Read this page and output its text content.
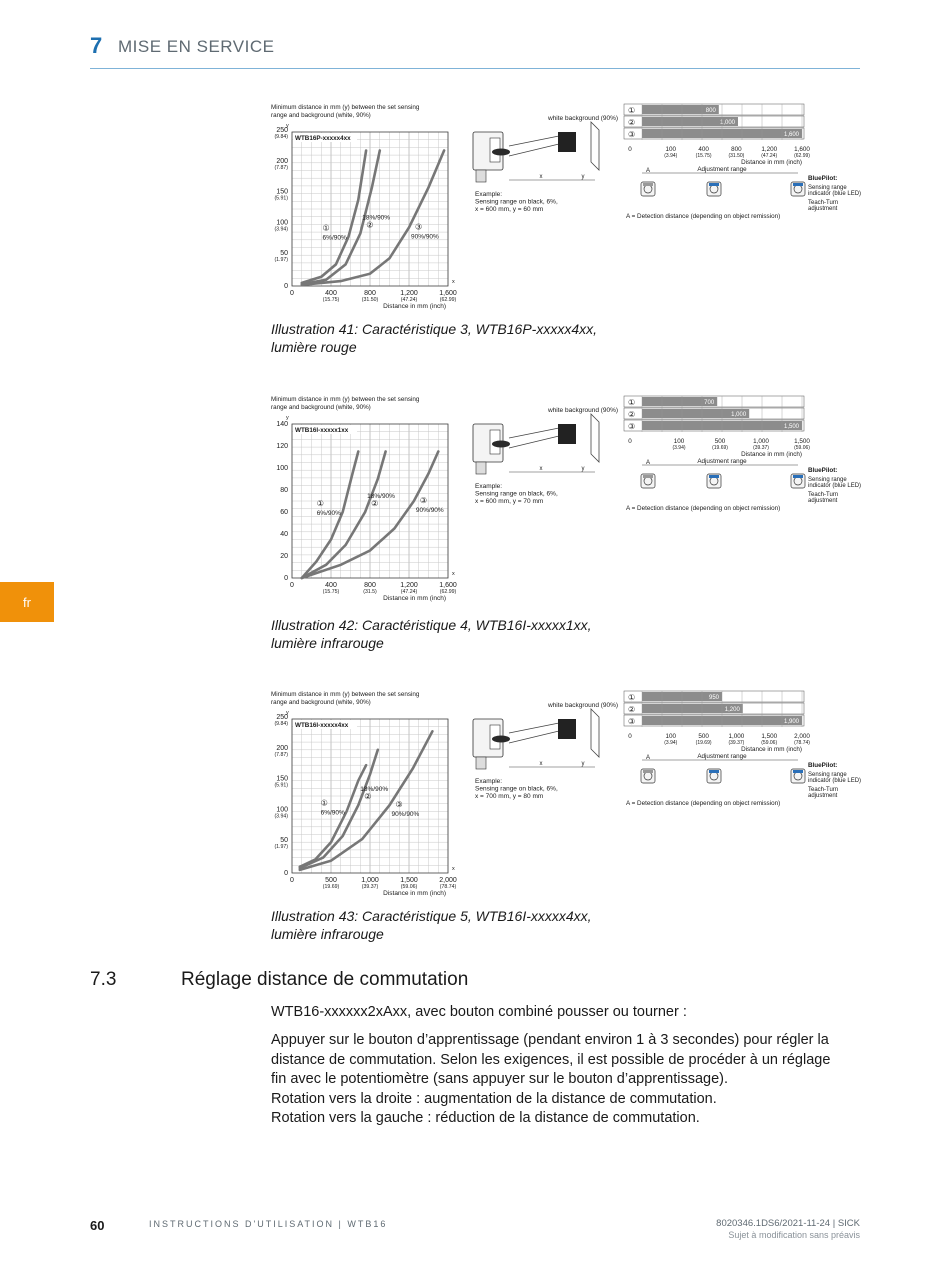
7 MISE EN SERVICE
fr
Minimum distance in mm (y) between the set sensing
range and background (white, 90%)
y
x
WTB16P-xxxxx4xx
0
50
(1.97)
100
(3.94)
150
(5.91)
200
(7.87)
250
(9.84)
0	400
(15.75)
800
(31.50)
1,200
(47.24)
1,600
(62.99)
Distance in mm (inch)
①
6%/90%
②
18%/90%
③
90%/90%
white background (90%)
x	y
Example:
Sensing range on black, 6%,
x = 600 mm, y = 60 mm
①	800
②	1,000
③	1,600
0	100
(3.94)
400
(15.75)
800
(31.50)
1,200
(47.24)
1,600
(62.99)
Distance in mm (inch)
A	Adjustment range
BluePilot:
Sensing range
indicator (blue LED)
Teach-Turn
adjustment
A = Detection distance (depending on object remission)
Illustration 41: Caractéristique 3, WTB16P-xxxxx4xx,
lumière rouge
Minimum distance in mm (y) between the set sensing
range and background (white, 90%)
y
x
WTB16I-xxxxx1xx
0
20
40
60
80
100
120
140
0	400
(15.75)
800
(31.5)
1,200
(47.24)
1,600
(62.99)
Distance in mm (inch)
①
6%/90%
②
18%/90%	③
90%/90%
white background (90%)
x	y
Example:
Sensing range on black, 6%,
x = 600 mm, y = 70 mm
①	700
②	1,000
③	1,500
0	100
(3.94)
500
(19.69)
1,000
(39.37)
1,500
(59.06)
Distance in mm (inch)
A	Adjustment range
BluePilot:
Sensing range
indicator (blue LED)
Teach-Turn
adjustment
A = Detection distance (depending on object remission)
Illustration 42: Caractéristique 4, WTB16I-xxxxx1xx,
lumière infrarouge
Minimum distance in mm (y) between the set sensing
range and background (white, 90%)
y
x
WTB16I-xxxxx4xx
0
50
(1.97)
100
(3.94)
150
(5.91)
200
(7.87)
250
(9.84)
0	500
(19.69)
1,000
(39.37)
1,500
(59.06)
2,000
(78.74)
Distance in mm (inch)
①
6%/90%
②
18%/90%
③
90%/90%
white background (90%)
x	y
Example:
Sensing range on black, 6%,
x = 700 mm, y = 80 mm
①	950
②	1,200
③	1,900
0	100
(3.94)
500
(19.69)
1,000
(39.37)
1,500
(59.06)
2,000
(78.74)
Distance in mm (inch)
A	Adjustment range
BluePilot:
Sensing range
indicator (blue LED)
Teach-Turn
adjustment
A = Detection distance (depending on object remission)
Illustration 43: Caractéristique 5, WTB16I-xxxxx4xx,
lumière infrarouge
7.3	Réglage distance de commutation
WTB16-xxxxxx2xAxx, avec bouton combiné pousser ou tourner :
Appuyer sur le bouton d’apprentissage (pendant environ 1 à 3 secondes) pour régler la
distance de commutation. Selon les exigences, il est possible de procéder à un réglage
fin avec le potentiomètre (sans appuyer sur le bouton d’apprentissage).
Rotation vers la droite : augmentation de la distance de commutation.
Rotation vers la gauche : réduction de la distance de commutation.
60	INSTRUCTIONS D'UTILISATION | WTB16	8020346.1DS6/2021-11-24 | SICK
Sujet à modification sans préavis
